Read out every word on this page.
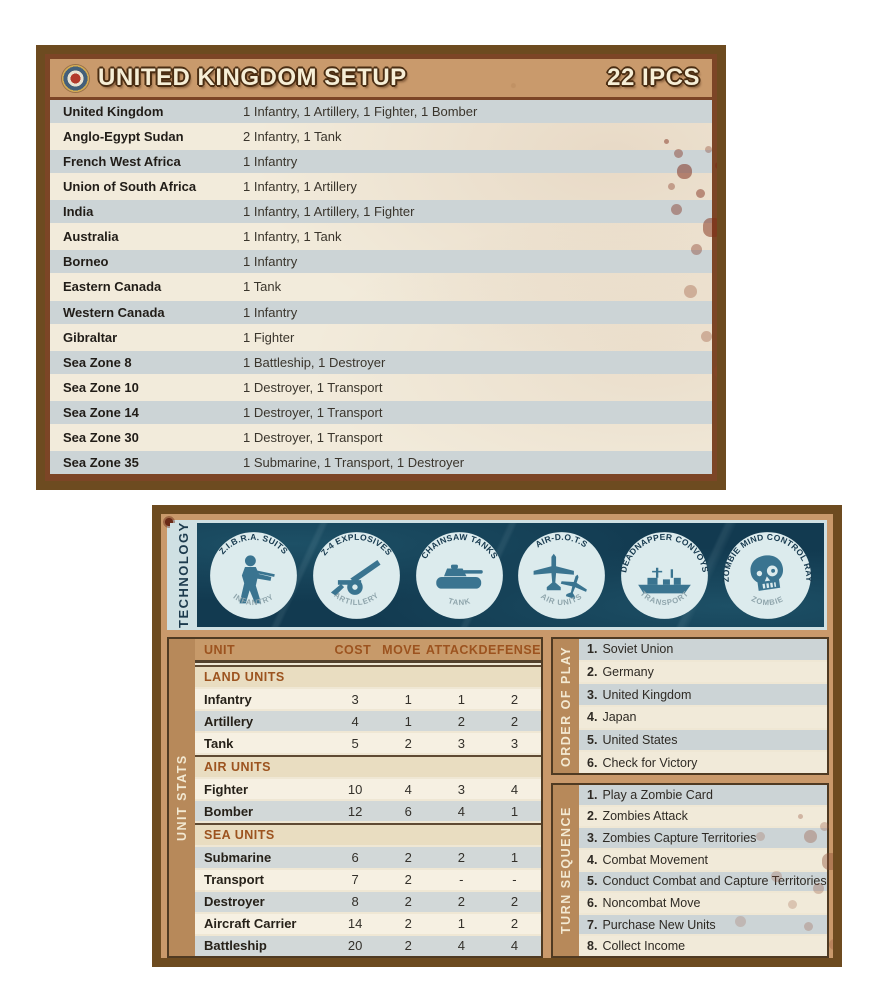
UNITED KINGDOM SETUP	22 IPCS
United Kingdom	1 Infantry, 1 Artillery, 1 Fighter, 1 Bomber
Anglo-Egypt Sudan	2 Infantry, 1 Tank
French West Africa	1 Infantry
Union of South Africa	1 Infantry, 1 Artillery
India	1 Infantry, 1 Artillery, 1 Fighter
Australia	1 Infantry, 1 Tank
Borneo	1 Infantry
Eastern Canada	1 Tank
Western Canada	1 Infantry
Gibraltar	1 Fighter
Sea Zone 8	1 Battleship, 1 Destroyer
Sea Zone 10	1 Destroyer, 1 Transport
Sea Zone 14	1 Destroyer, 1 Transport
Sea Zone 30	1 Destroyer, 1 Transport
Sea Zone 35	1 Submarine, 1 Transport, 1 Destroyer
TECHNOLOGY	Z.I.B.R.A. SUITS
INFANTRY
Z-4 EXPLOSIVES
ARTILLERY
CHAINSAW TANKS
TANK
AIR-D.O.T.S
AIR UNITS
DEADNAPPER CONVOYS
TRANSPORT
ZOMBIE MIND CONTROL RAY
ZOMBIE
UNIT STATS
UNIT	COST MOVE ATTACK DEFENSE
LAND UNITS
Infantry	3	1	1	2
Artillery	4	1	2	2
Tank	5	2	3	3
AIR UNITS
Fighter	10	4	3	4
Bomber	12	6	4	1
SEA UNITS
Submarine	6	2	2	1
Transport	7	2	-	-
Destroyer	8	2	2	2
Aircraft Carrier	14	2	1	2
Battleship	20	2	4	4
ORDER OF PLAY	1. Soviet Union
2. Germany
3. United Kingdom
4. Japan
5. United States
6. Check for Victory
TURN SEQUENCE
1. Play a Zombie Card
2. Zombies Attack
3. Zombies Capture Territories
4. Combat Movement
5. Conduct Combat and Capture Territories
6. Noncombat Move
7. Purchase New Units
8. Collect Income
